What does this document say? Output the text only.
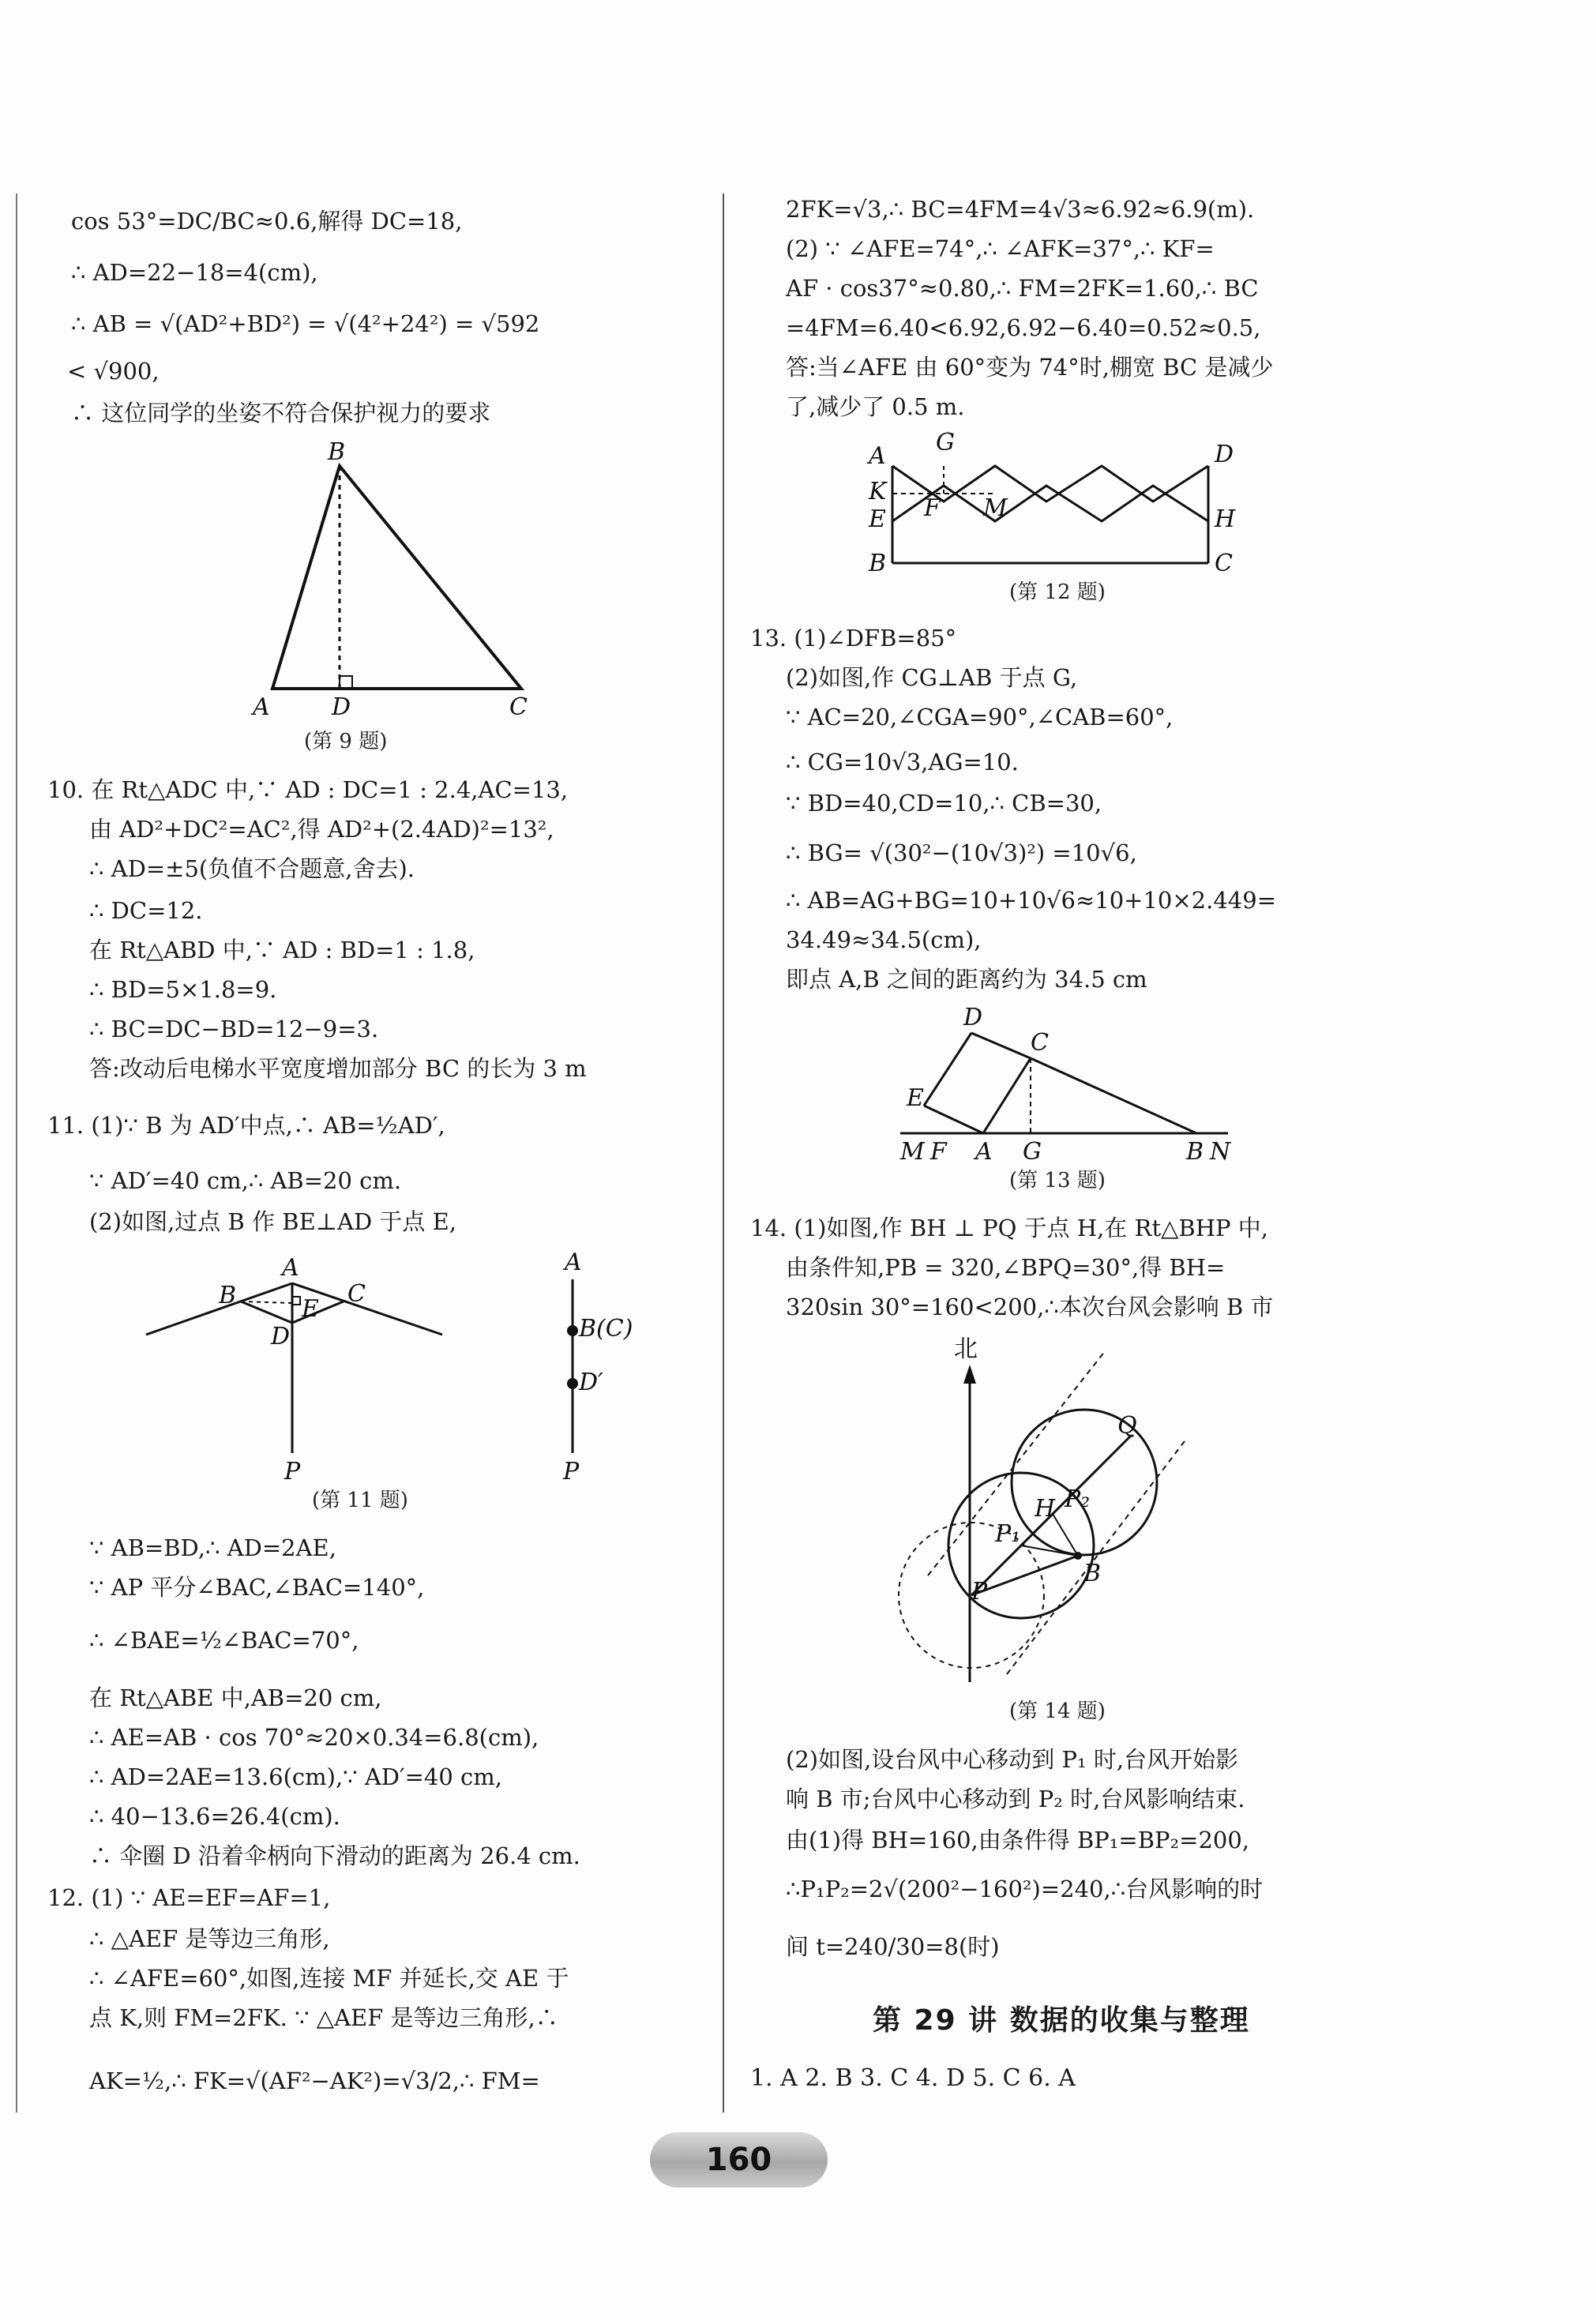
cos 53°=DC/BC≈0.6,解得 DC=18,
∴ AD=22−18=4(cm),
∴ AB = √(AD²+BD²) = √(4²+24²) = √592
< √900,
∴ 这位同学的坐姿不符合保护视力的要求
B
A	D	C
(第 9 题)
10. 在 Rt△ADC 中,∵ AD : DC=1 : 2.4,AC=13,
由 AD²+DC²=AC²,得 AD²+(2.4AD)²=13²,
∴ AD=±5(负值不合题意,舍去).
∴ DC=12.
在 Rt△ABD 中,∵ AD : BD=1 : 1.8,
∴ BD=5×1.8=9.
∴ BC=DC−BD=12−9=3.
答:改动后电梯水平宽度增加部分 BC 的长为 3 m
11. (1)∵ B 为 AD′中点,∴ AB=½AD′,
∵ AD′=40 cm,∴ AB=20 cm.
(2)如图,过点 B 作 BE⊥AD 于点 E,
A
B	C
E
D
P
A
B(C)
D′
P
(第 11 题)
∵ AB=BD,∴ AD=2AE,
∵ AP 平分∠BAC,∠BAC=140°,
∴ ∠BAE=½∠BAC=70°,
在 Rt△ABE 中,AB=20 cm,
∴ AE=AB · cos 70°≈20×0.34=6.8(cm),
∴ AD=2AE=13.6(cm),∵ AD′=40 cm,
∴ 40−13.6=26.4(cm).
∴ 伞圈 D 沿着伞柄向下滑动的距离为 26.4 cm.
12. (1) ∵ AE=EF=AF=1,
∴ △AEF 是等边三角形,
∴ ∠AFE=60°,如图,连接 MF 并延长,交 AE 于
点 K,则 FM=2FK. ∵ △AEF 是等边三角形,∴
AK=½,∴ FK=√(AF²−AK²)=√3/2,∴ FM=
2FK=√3,∴ BC=4FM=4√3≈6.92≈6.9(m).
(2) ∵ ∠AFE=74°,∴ ∠AFK=37°,∴ KF=
AF · cos37°≈0.80,∴ FM=2FK=1.60,∴ BC
=4FM=6.40<6.92,6.92−6.40=0.52≈0.5,
答:当∠AFE 由 60°变为 74°时,棚宽 BC 是减少
了,减少了 0.5 m.
A G	D
K
F M
E	H
B	C
(第 12 题)
13. (1)∠DFB=85°
(2)如图,作 CG⊥AB 于点 G,
∵ AC=20,∠CGA=90°,∠CAB=60°,
∴ CG=10√3,AG=10.
∵ BD=40,CD=10,∴ CB=30,
∴ BG= √(30²−(10√3)²) =10√6,
∴ AB=AG+BG=10+10√6≈10+10×2.449=
34.49≈34.5(cm),
即点 A,B 之间的距离约为 34.5 cm
D
C
E
M F A G	B N
(第 13 题)
14. (1)如图,作 BH ⊥ PQ 于点 H,在 Rt△BHP 中,
由条件知,PB = 320,∠BPQ=30°,得 BH=
320sin 30°=160<200,∴本次台风会影响 B 市
北
Q
H P₂
P₁
P
B
(第 14 题)
(2)如图,设台风中心移动到 P₁ 时,台风开始影
响 B 市;台风中心移动到 P₂ 时,台风影响结束.
由(1)得 BH=160,由条件得 BP₁=BP₂=200,
∴P₁P₂=2√(200²−160²)=240,∴台风影响的时
间 t=240/30=8(时)
第 29 讲 数据的收集与整理
1. A 2. B 3. C 4. D 5. C 6. A
160
